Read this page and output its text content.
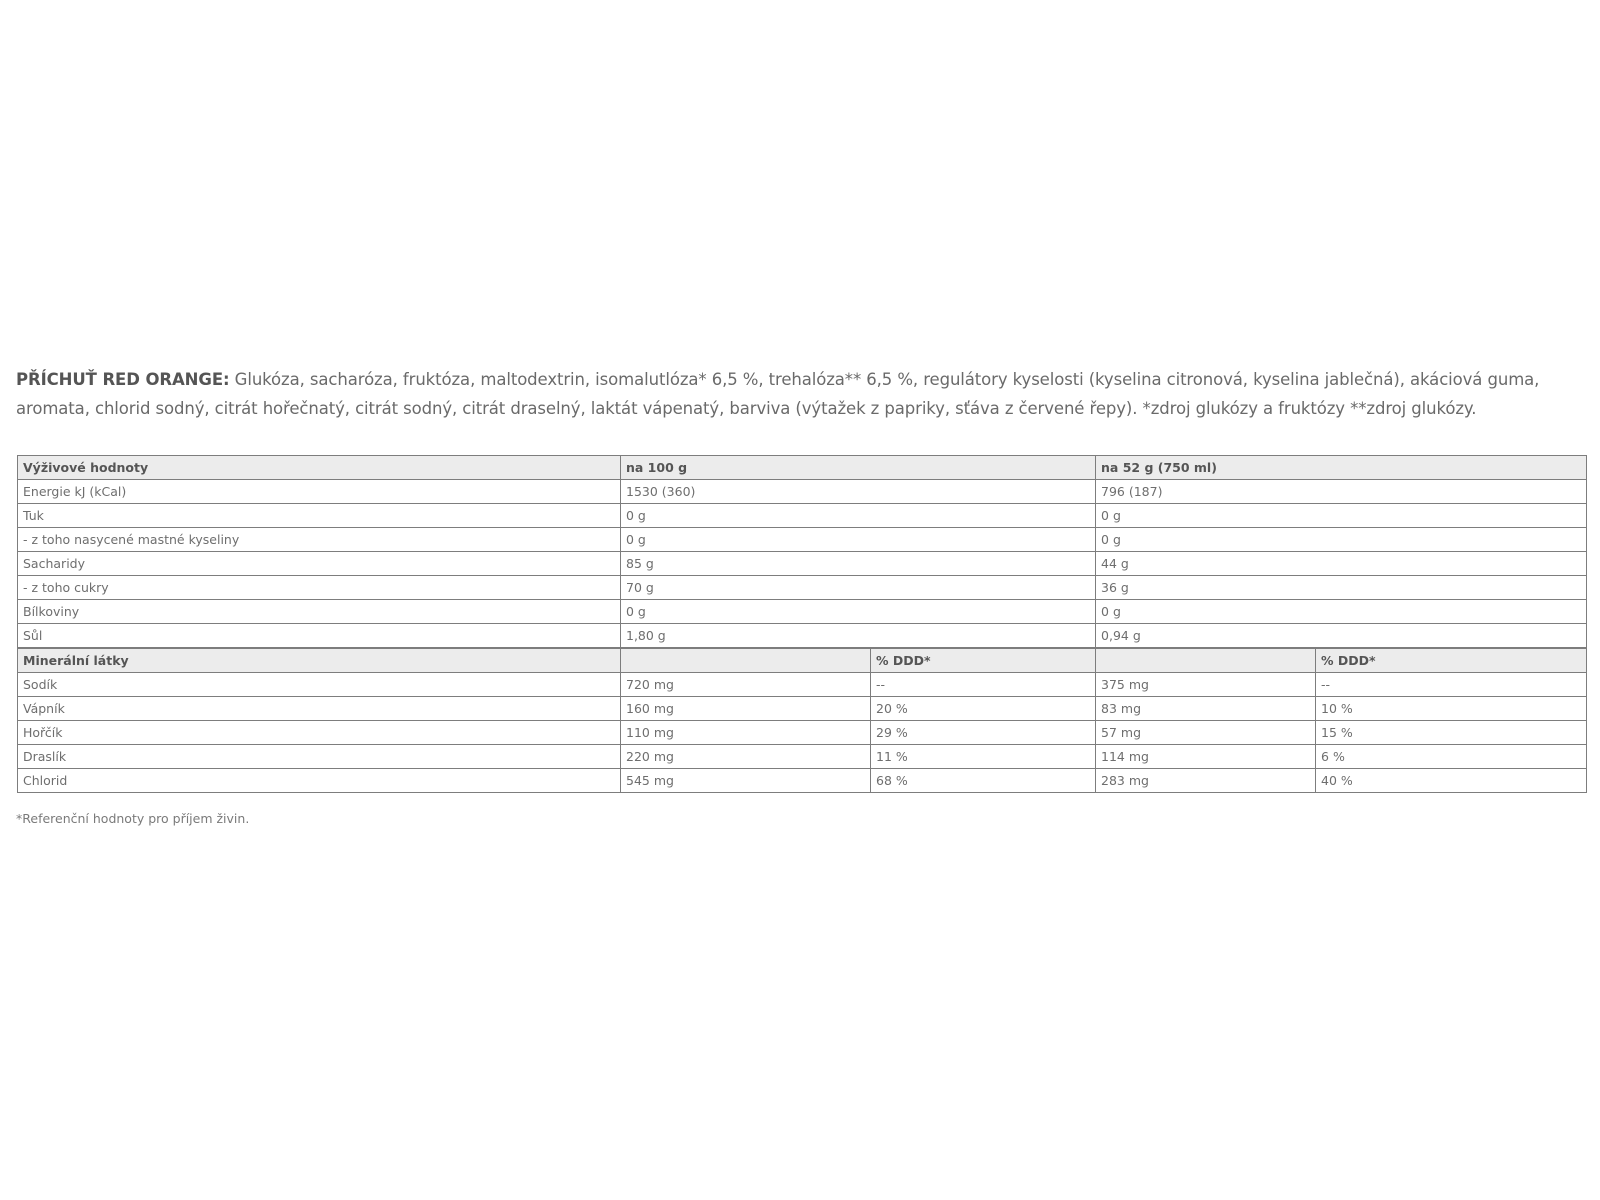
PŘÍCHUŤ RED ORANGE: Glukóza, sacharóza, fruktóza, maltodextrin, isomalutlóza* 6,5 %, trehalóza** 6,5 %, regulátory kyselosti (kyselina citronová, kyselina jablečná), akáciová guma, aromata, chlorid sodný, citrát hořečnatý, citrát sodný, citrát draselný, laktát vápenatý, barviva (výtažek z papriky, sťáva z červené řepy). *zdroj glukózy a fruktózy **zdroj glukózy.

Výživové hodnoty	na 100 g		na 52 g (750 ml)	
Energie kJ (kCal)	1530 (360)		796 (187)	
Tuk	0 g		0 g	
- z toho nasycené mastné kyseliny	0 g		0 g	
Sacharidy	85 g		44 g	
- z toho cukry	70 g		36 g	
Bílkoviny	0 g		0 g	
Sůl	1,80 g		0,94 g	
Minerální látky		% DDD*		% DDD*
Sodík	720 mg	--	375 mg	--
Vápník	160 mg	20 %	83 mg	10 %
Hořčík	110 mg	29 %	57 mg	15 %
Draslík	220 mg	11 %	114 mg	6 %
Chlorid	545 mg	68 %	283 mg	40 %
*Referenční hodnoty pro příjem živin.
